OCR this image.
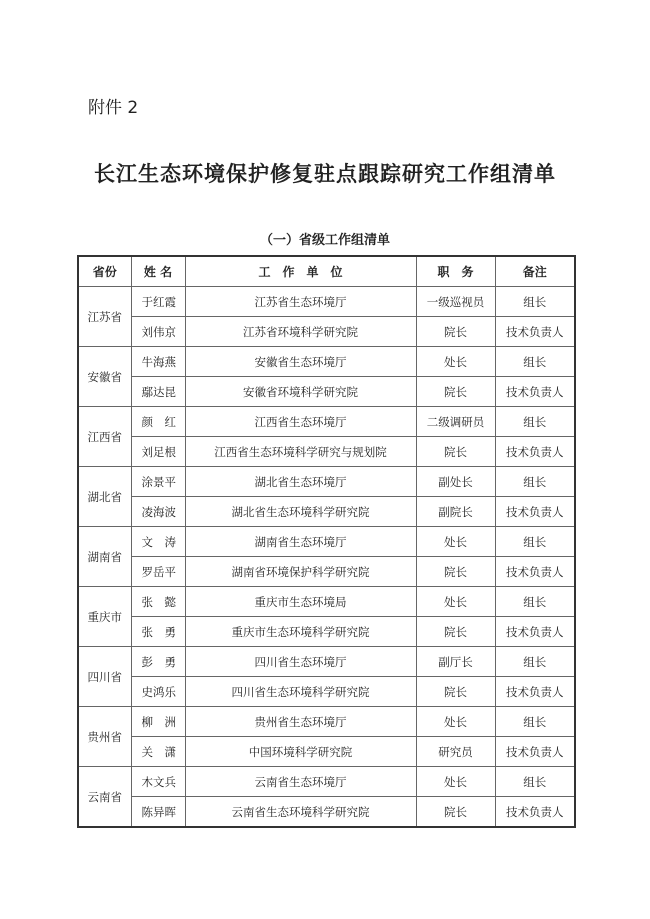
附件 2
长江生态环境保护修复驻点跟踪研究工作组清单
（一）省级工作组清单
省份	姓 名	工　作　单　位	职　务	备注
江苏省	于红霞	江苏省生态环境厅	一级巡视员	组长
	刘伟京	江苏省环境科学研究院	院长	技术负责人
安徽省	牛海燕	安徽省生态环境厅	处长	组长
	鄢达昆	安徽省环境科学研究院	院长	技术负责人
江西省	颜　红	江西省生态环境厅	二级调研员	组长
	刘足根	江西省生态环境科学研究与规划院	院长	技术负责人
湖北省	涂景平	湖北省生态环境厅	副处长	组长
	凌海波	湖北省生态环境科学研究院	副院长	技术负责人
湖南省	文　涛	湖南省生态环境厅	处长	组长
	罗岳平	湖南省环境保护科学研究院	院长	技术负责人
重庆市	张　懿	重庆市生态环境局	处长	组长
	张　勇	重庆市生态环境科学研究院	院长	技术负责人
四川省	彭　勇	四川省生态环境厅	副厅长	组长
	史鸿乐	四川省生态环境科学研究院	院长	技术负责人
贵州省	柳　洲	贵州省生态环境厅	处长	组长
	关　潇	中国环境科学研究院	研究员	技术负责人
云南省	木文兵	云南省生态环境厅	处长	组长
	陈异晖	云南省生态环境科学研究院	院长	技术负责人
